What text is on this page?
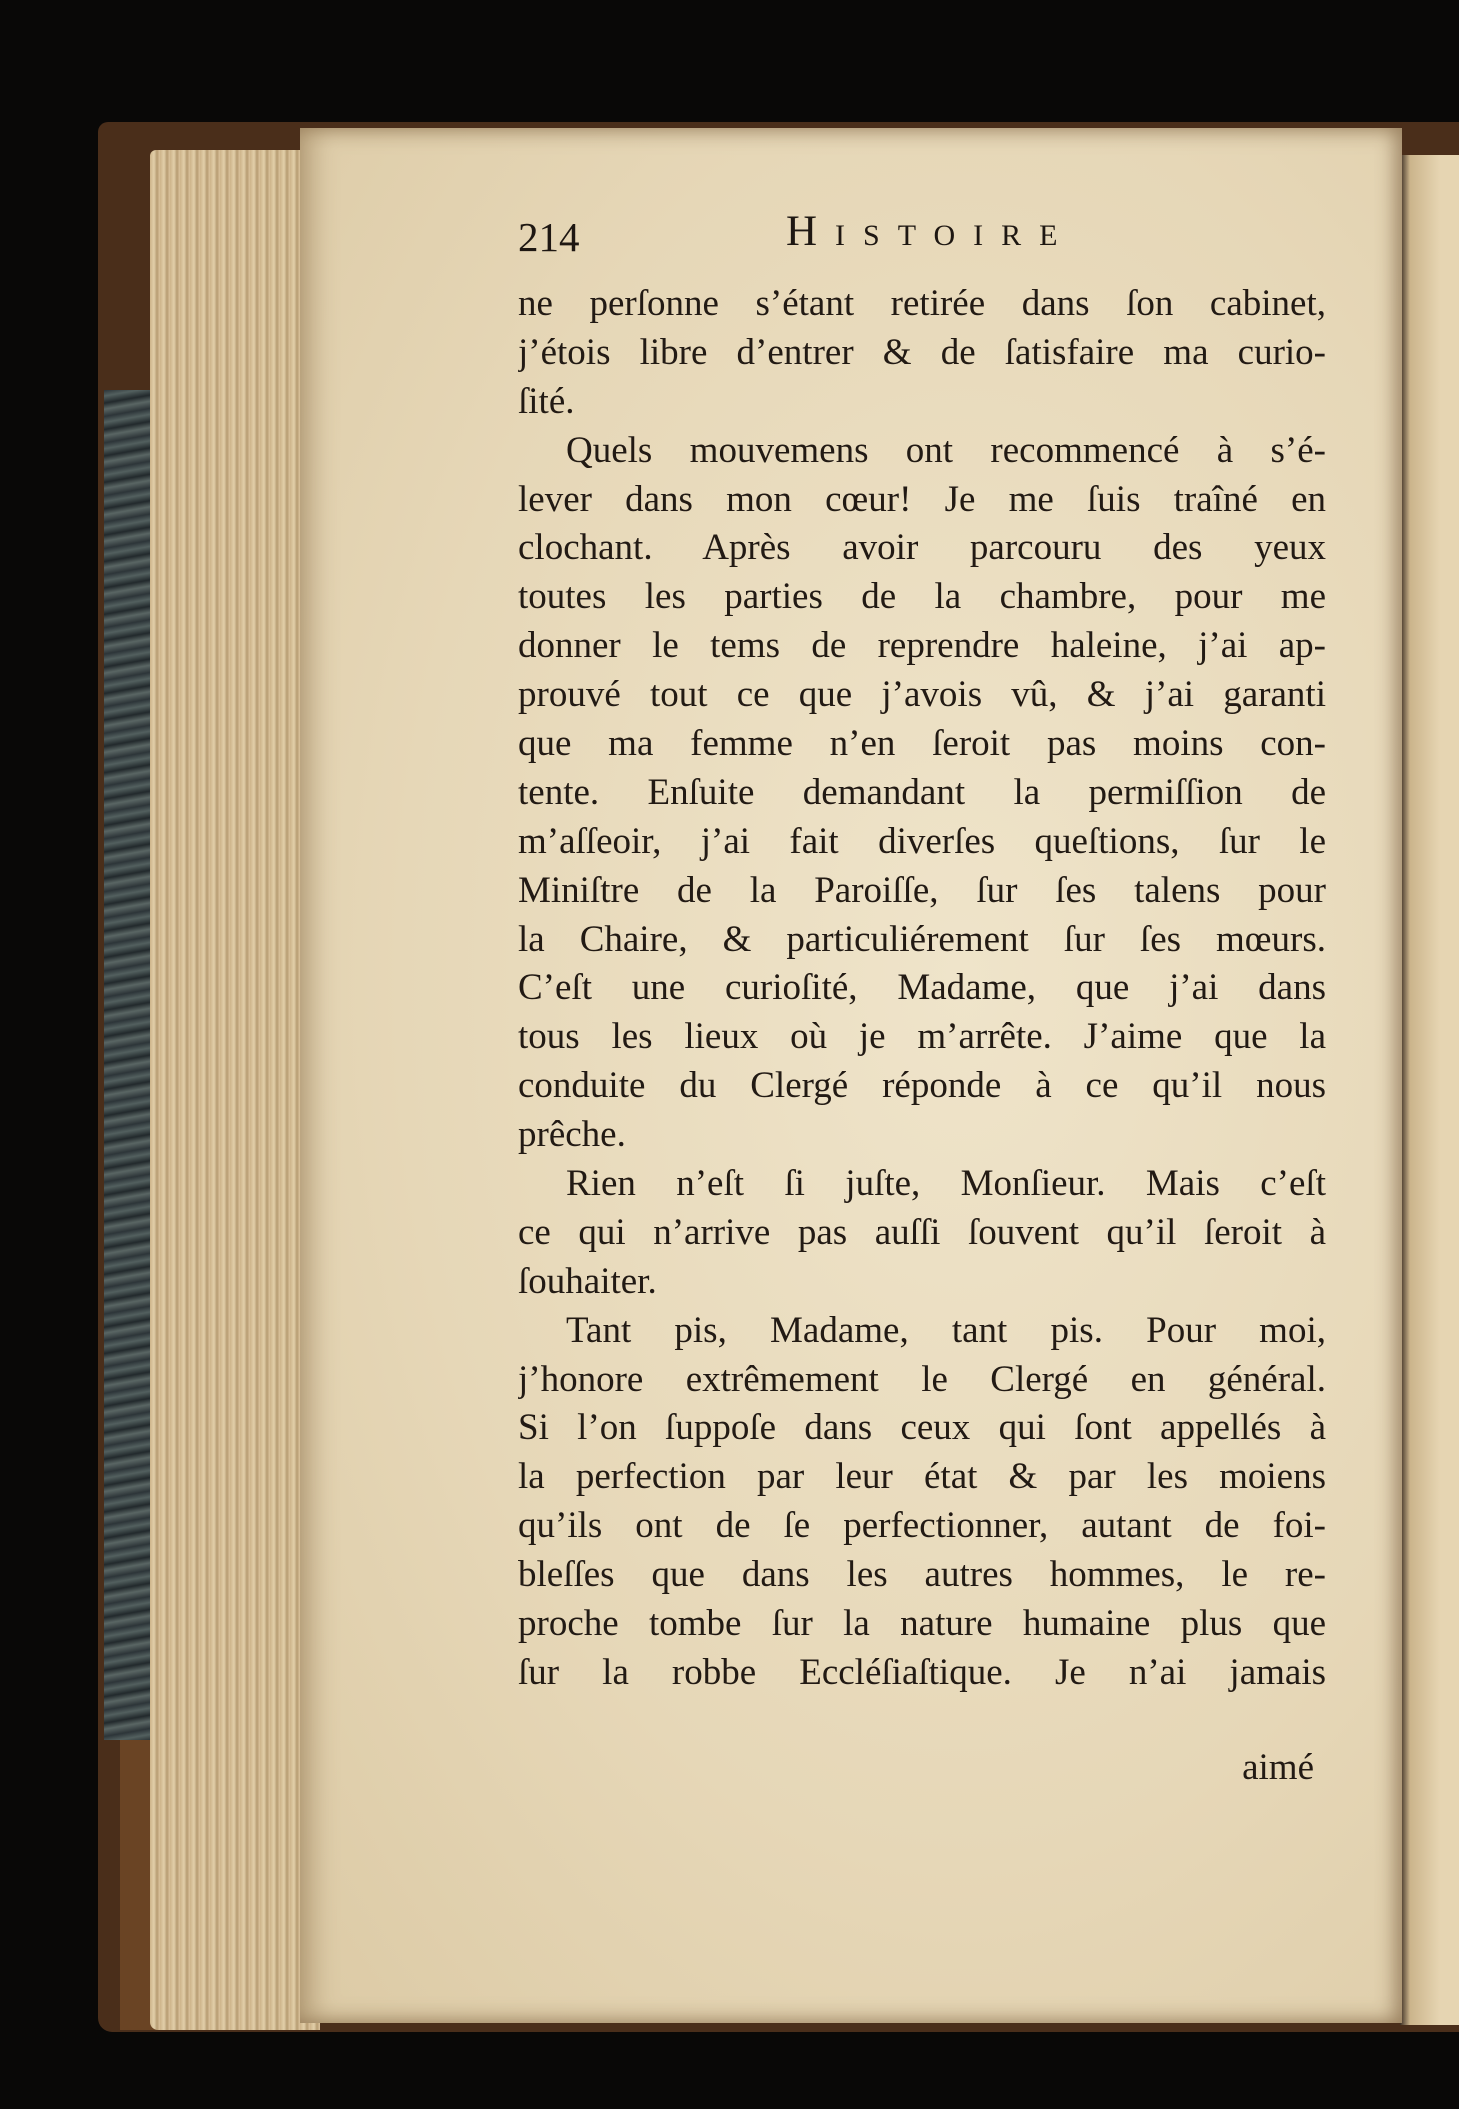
214	Histoire
ne perſonne s’étant retirée dans ſon cabinet,
j’étois libre d’entrer & de ſatisfaire ma curio-
ſité.
Quels mouvemens ont recommencé à s’é-
lever dans mon cœur! Je me ſuis traîné en
clochant. Après avoir parcouru des yeux
toutes les parties de la chambre, pour me
donner le tems de reprendre haleine, j’ai ap-
prouvé tout ce que j’avois vû, & j’ai garanti
que ma femme n’en ſeroit pas moins con-
tente. Enſuite demandant la permiſſion de
m’aſſeoir, j’ai fait diverſes queſtions, ſur le
Miniſtre de la Paroiſſe, ſur ſes talens pour
la Chaire, & particuliérement ſur ſes mœurs.
C’eſt une curioſité, Madame, que j’ai dans
tous les lieux où je m’arrête. J’aime que la
conduite du Clergé réponde à ce qu’il nous
prêche.
Rien n’eſt ſi juſte, Monſieur. Mais c’eſt
ce qui n’arrive pas auſſi ſouvent qu’il ſeroit à
ſouhaiter.
Tant pis, Madame, tant pis. Pour moi,
j’honore extrêmement le Clergé en général.
Si l’on ſuppoſe dans ceux qui ſont appellés à
la perfection par leur état & par les moiens
qu’ils ont de ſe perfectionner, autant de foi-
bleſſes que dans les autres hommes, le re-
proche tombe ſur la nature humaine plus que
ſur la robbe Eccléſiaſtique. Je n’ai jamais
aimé
